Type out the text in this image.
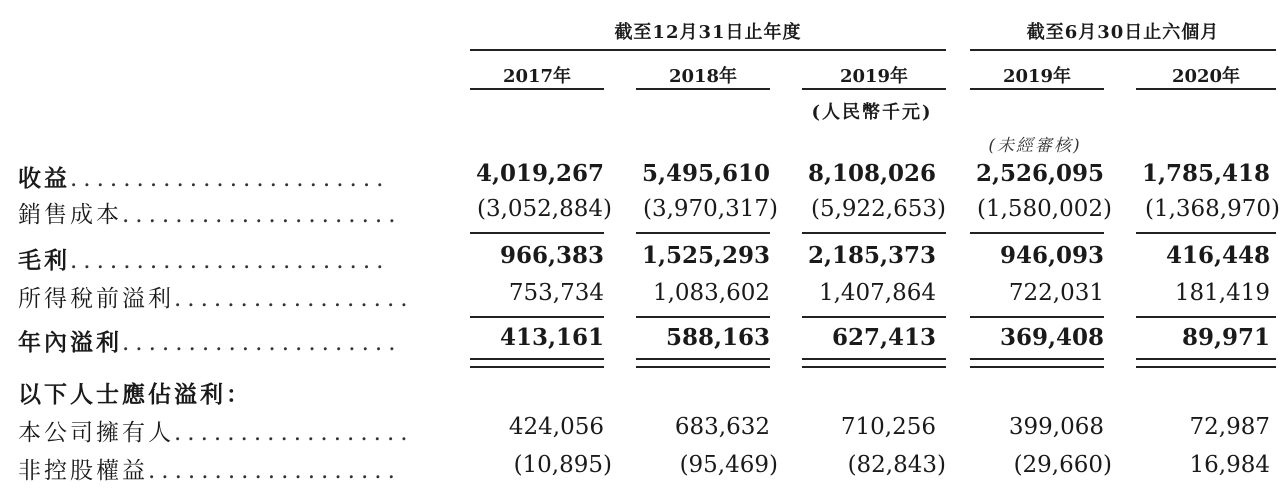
截至12月31日止年度	截至6月30日止六個月
2017年	2018年	2019年	2019年	2020年
(人民幣千元)
(未經審核)
收益........................	4,019,267	5,495,610	8,108,026	2,526,095	1,785,418
銷售成本.....................	(3,052,884)	(3,970,317)	(5,922,653)	(1,580,002)	(1,368,970)
毛利........................	966,383	1,525,293	2,185,373	946,093	416,448
所得稅前溢利..................	753,734	1,083,602	1,407,864	722,031	181,419
年內溢利.....................	413,161	588,163	627,413	369,408	89,971
以下人士應佔溢利：
本公司擁有人..................	424,056	683,632	710,256	399,068	72,987
非控股權益...................	(10,895)	(95,469)	(82,843)	(29,660)	16,984
